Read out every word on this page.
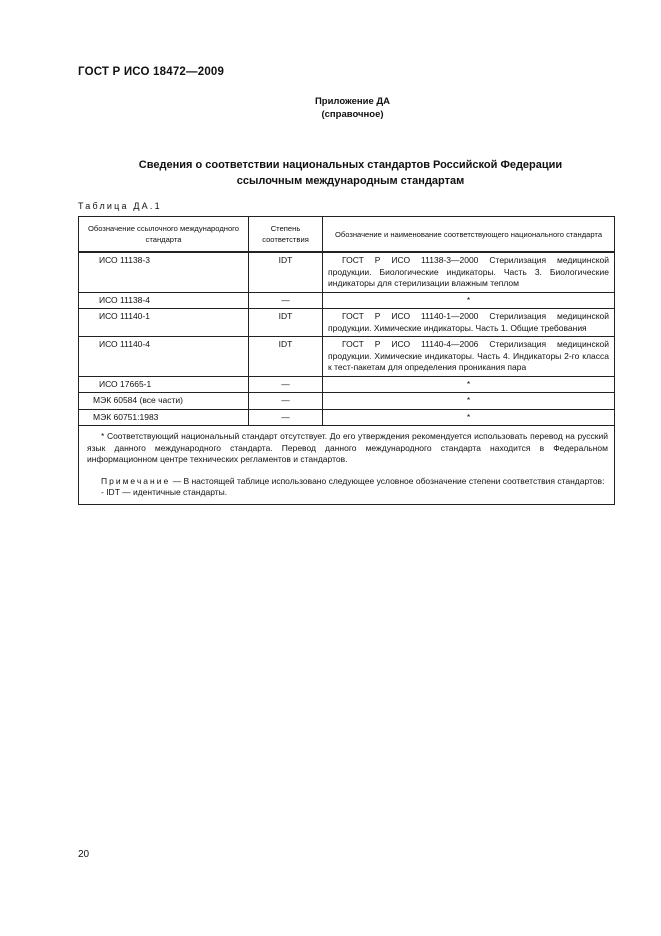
ГОСТ Р ИСО 18472—2009
Приложение ДА
(справочное)
Сведения о соответствии национальных стандартов Российской Федерации
ссылочным международным стандартам
Таблица ДА.1
Обозначение ссылочного международного стандарта	Степень соответствия	Обозначение и наименование соответствующего национального стандарта
ИСО 11138-3	IDT	ГОСТ Р ИСО 11138-3—2000 Стерилизация медицинской продукции. Биологические индикаторы. Часть 3. Биологические индикаторы для стерилизации влажным теплом
ИСО 11138-4	—	*
ИСО 11140-1	IDT	ГОСТ Р ИСО 11140-1—2000 Стерилизация медицинской продукции. Химические индикаторы. Часть 1. Общие требования
ИСО 11140-4	IDT	ГОСТ Р ИСО 11140-4—2006 Стерилизация медицинской продукции. Химические индикаторы. Часть 4. Индикаторы 2-го класса к тест-пакетам для определения проникания пара
ИСО 17665-1	—	*
МЭК 60584 (все части)	—	*
МЭК 60751:1983	—	*

* Соответствующий национальный стандарт отсутствует. До его утверждения рекомендуется использовать перевод на русский язык данного международного стандарта. Перевод данного международного стандарта находится в Федеральном информационном центре технических регламентов и стандартов.

Примечание — В настоящей таблице использовано следующее условное обозначение степени соответствия стандартов:

- IDT — идентичные стандарты.		

20
